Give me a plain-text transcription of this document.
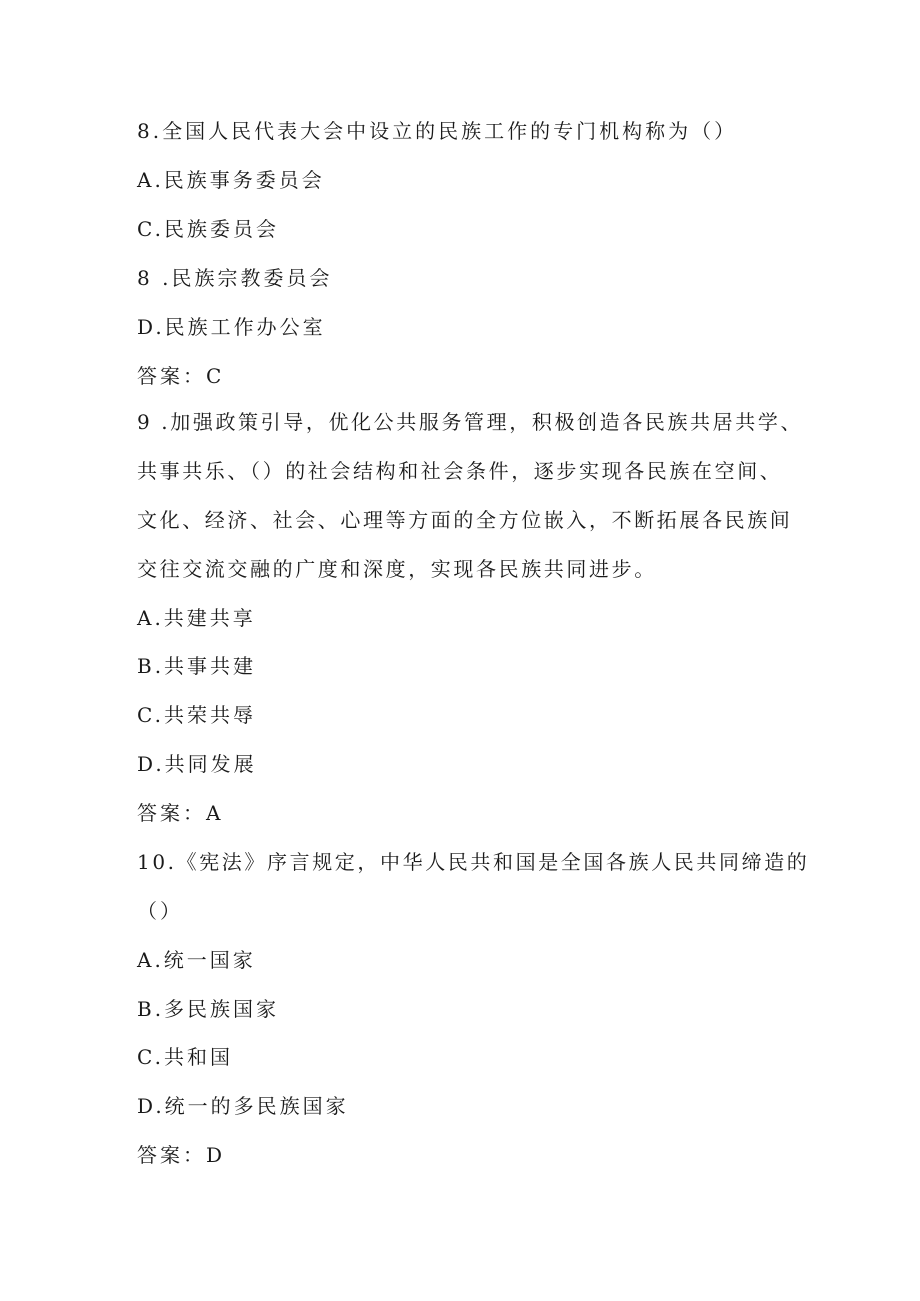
8.全国人民代表大会中设立的民族工作的专门机构称为（）
A.民族事务委员会
C.民族委员会
8 .民族宗教委员会
D.民族工作办公室
答案：C
9 .加强政策引导，优化公共服务管理，积极创造各民族共居共学、
共事共乐、（）的社会结构和社会条件，逐步实现各民族在空间、
文化、经济、社会、心理等方面的全方位嵌入，不断拓展各民族间
交往交流交融的广度和深度，实现各民族共同进步。
A.共建共享
B.共事共建
C.共荣共辱
D.共同发展
答案：A
10.《宪法》序言规定，中华人民共和国是全国各族人民共同缔造的
（）
A.统一国家
B.多民族国家
C.共和国
D.统一的多民族国家
答案：D
